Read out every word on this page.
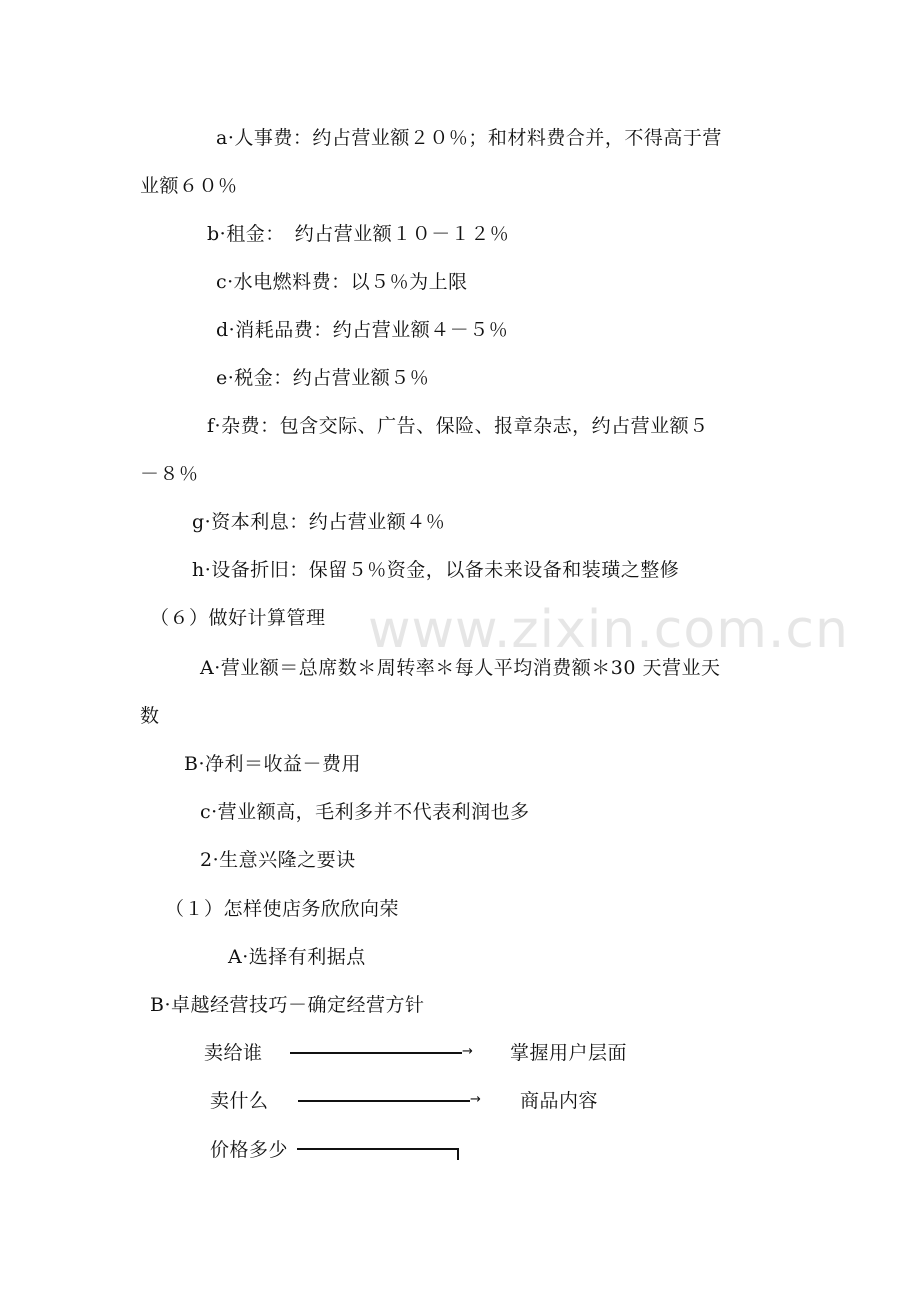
www.zixin.com.cn
a·人事费：约占营业额２０％；和材料费合并，不得高于营
业额６０％
b·租金：　约占营业额１０－１２％
c·水电燃料费：以５％为上限
d·消耗品费：约占营业额４－５％
e·税金：约占营业额５％
f·杂费：包含交际、广告、保险、报章杂志，约占营业额５
－８％
g·资本利息：约占营业额４％
h·设备折旧：保留５％资金，以备未来设备和装璜之整修
（６）做好计算管理
A·营业额＝总席数＊周转率＊每人平均消费额＊30 天营业天
数
B·净利＝收益－费用
c·营业额高，毛利多并不代表利润也多
2·生意兴隆之要诀
（１）怎样使店务欣欣向荣
A·选择有利据点
B·卓越经营技巧－确定经营方针
卖给谁	→ 掌握用户层面
卖什么	→ 商品内容
价格多少
